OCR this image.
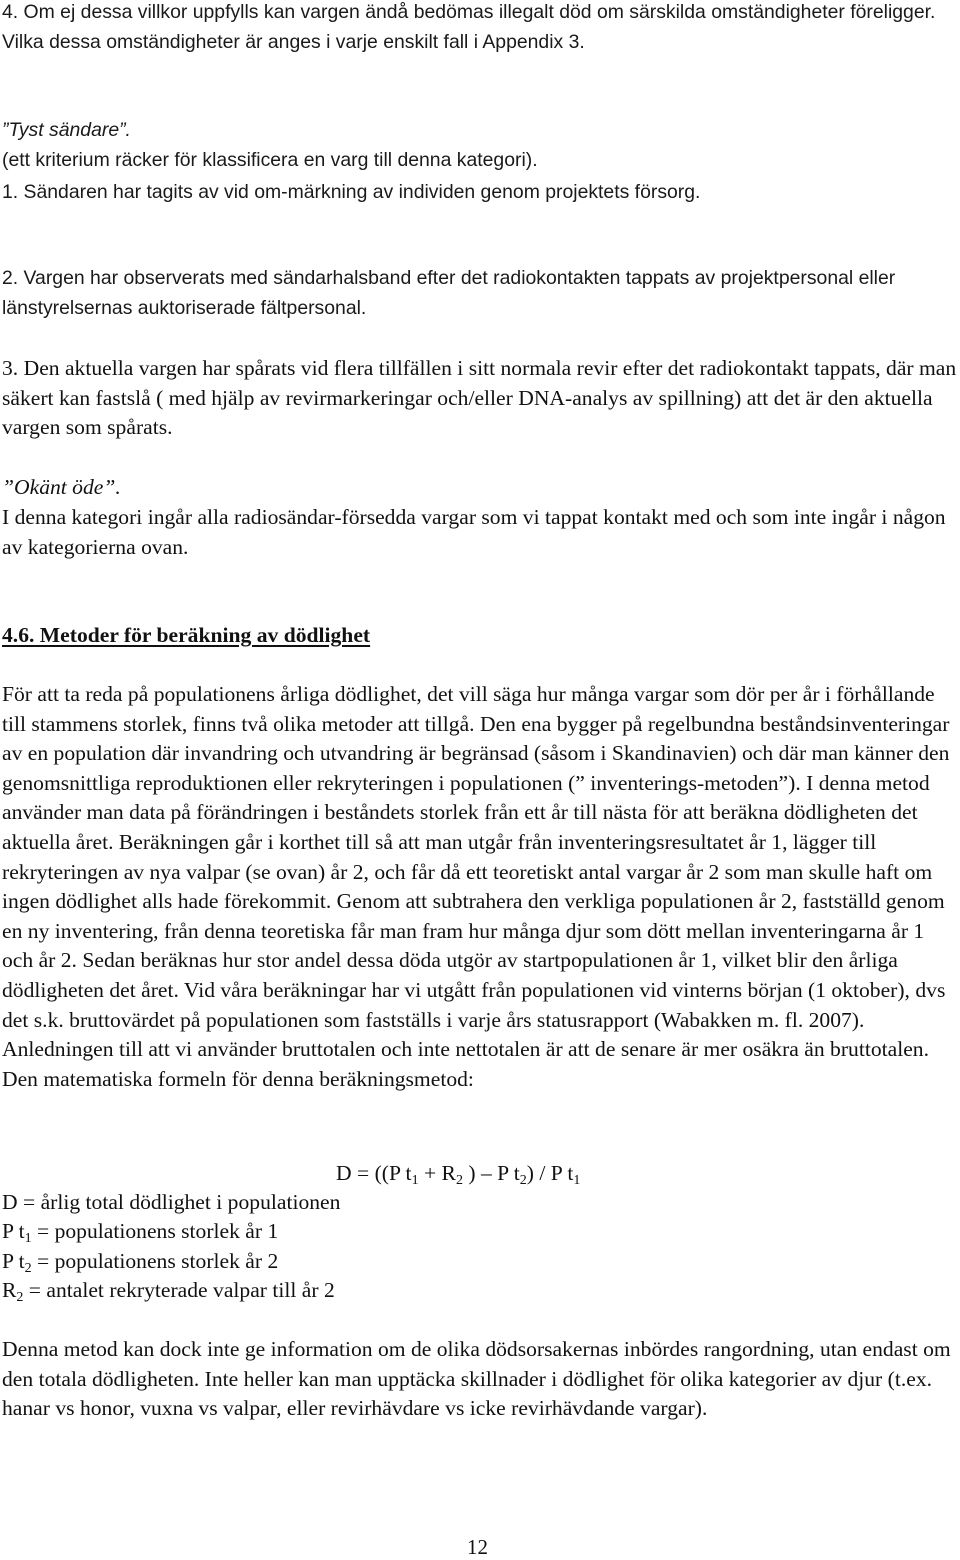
4. Om ej dessa villkor uppfylls kan vargen ändå bedömas illegalt död om särskilda omständigheter föreligger. Vilka dessa omständigheter är anges i varje enskilt fall i Appendix 3.

”Tyst sändare”.

(ett kriterium räcker för klassificera en varg till denna kategori).

1. Sändaren har tagits av vid om-märkning av individen genom projektets försorg.

2. Vargen har observerats med sändarhalsband efter det radiokontakten tappats av projektpersonal eller länstyrelsernas auktoriserade fältpersonal.

3. Den aktuella vargen har spårats vid flera tillfällen i sitt normala revir efter det radiokontakt tappats, där man säkert kan fastslå ( med hjälp av revirmarkeringar och/eller DNA-analys av spillning) att det är den aktuella vargen som spårats.

”Okänt öde”.

I denna kategori ingår alla radiosändar-försedda vargar som vi tappat kontakt med och som inte ingår i någon av kategorierna ovan.

4.6. Metoder för beräkning av dödlighet

För att ta reda på populationens årliga dödlighet, det vill säga hur många vargar som dör per år i förhållande till stammens storlek, finns två olika metoder att tillgå. Den ena bygger på regelbundna beståndsinventeringar av en population där invandring och utvandring är begränsad (såsom i Skandinavien) och där man känner den genomsnittliga reproduktionen eller rekryteringen i populationen (” inventerings-metoden”). I denna metod använder man data på förändringen i beståndets storlek från ett år till nästa för att beräkna dödligheten det aktuella året. Beräkningen går i korthet till så att man utgår från inventeringsresultatet år 1, lägger till rekryteringen av nya valpar (se ovan) år 2, och får då ett teoretiskt antal vargar år 2 som man skulle haft om ingen dödlighet alls hade förekommit. Genom att subtrahera den verkliga populationen år 2, fastställd genom en ny inventering, från denna teoretiska får man fram hur många djur som dött mellan inventeringarna år 1 och år 2. Sedan beräknas hur stor andel dessa döda utgör av startpopulationen år 1, vilket blir den årliga dödligheten det året. Vid våra beräkningar har vi utgått från populationen vid vinterns början (1 oktober), dvs det s.k. bruttovärdet på populationen som fastställs i varje års statusrapport (Wabakken m. fl. 2007). Anledningen till att vi använder bruttotalen och inte nettotalen är att de senare är mer osäkra än bruttotalen. Den matematiska formeln för denna beräkningsmetod:

D = ((P $t_1 + R_2$ ) – P $t_2$) / P $t_1$
D = årlig total dödlighet i populationen
P $t_1$ = populationens storlek år 1
P $t_2$ = populationens storlek år 2
$R_2$ = antalet rekryterade valpar till år 2

Denna metod kan dock inte ge information om de olika dödsorsakernas inbördes rangordning, utan endast om den totala dödligheten. Inte heller kan man upptäcka skillnader i dödlighet för olika kategorier av djur (t.ex. hanar vs honor, vuxna vs valpar, eller revirhävdare vs icke revirhävdande vargar).

12
